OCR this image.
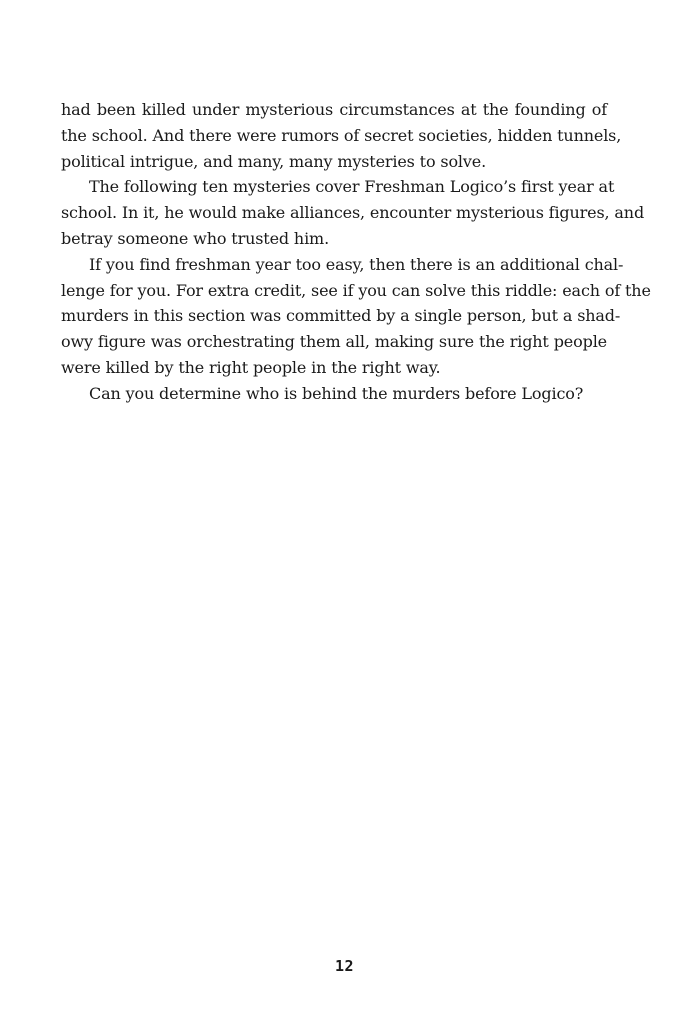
had been killed under mysterious circumstances at the founding of
the school. And there were rumors of secret societies, hidden tunnels,
political intrigue, and many, many mysteries to solve.
The following ten mysteries cover Freshman Logico’s first year at
school. In it, he would make alliances, encounter mysterious figures, and
betray someone who trusted him.
If you find freshman year too easy, then there is an additional chal-
lenge for you. For extra credit, see if you can solve this riddle: each of the
murders in this section was committed by a single person, but a shad-
owy figure was orchestrating them all, making sure the right people
were killed by the right people in the right way.
Can you determine who is behind the murders before Logico?
12
